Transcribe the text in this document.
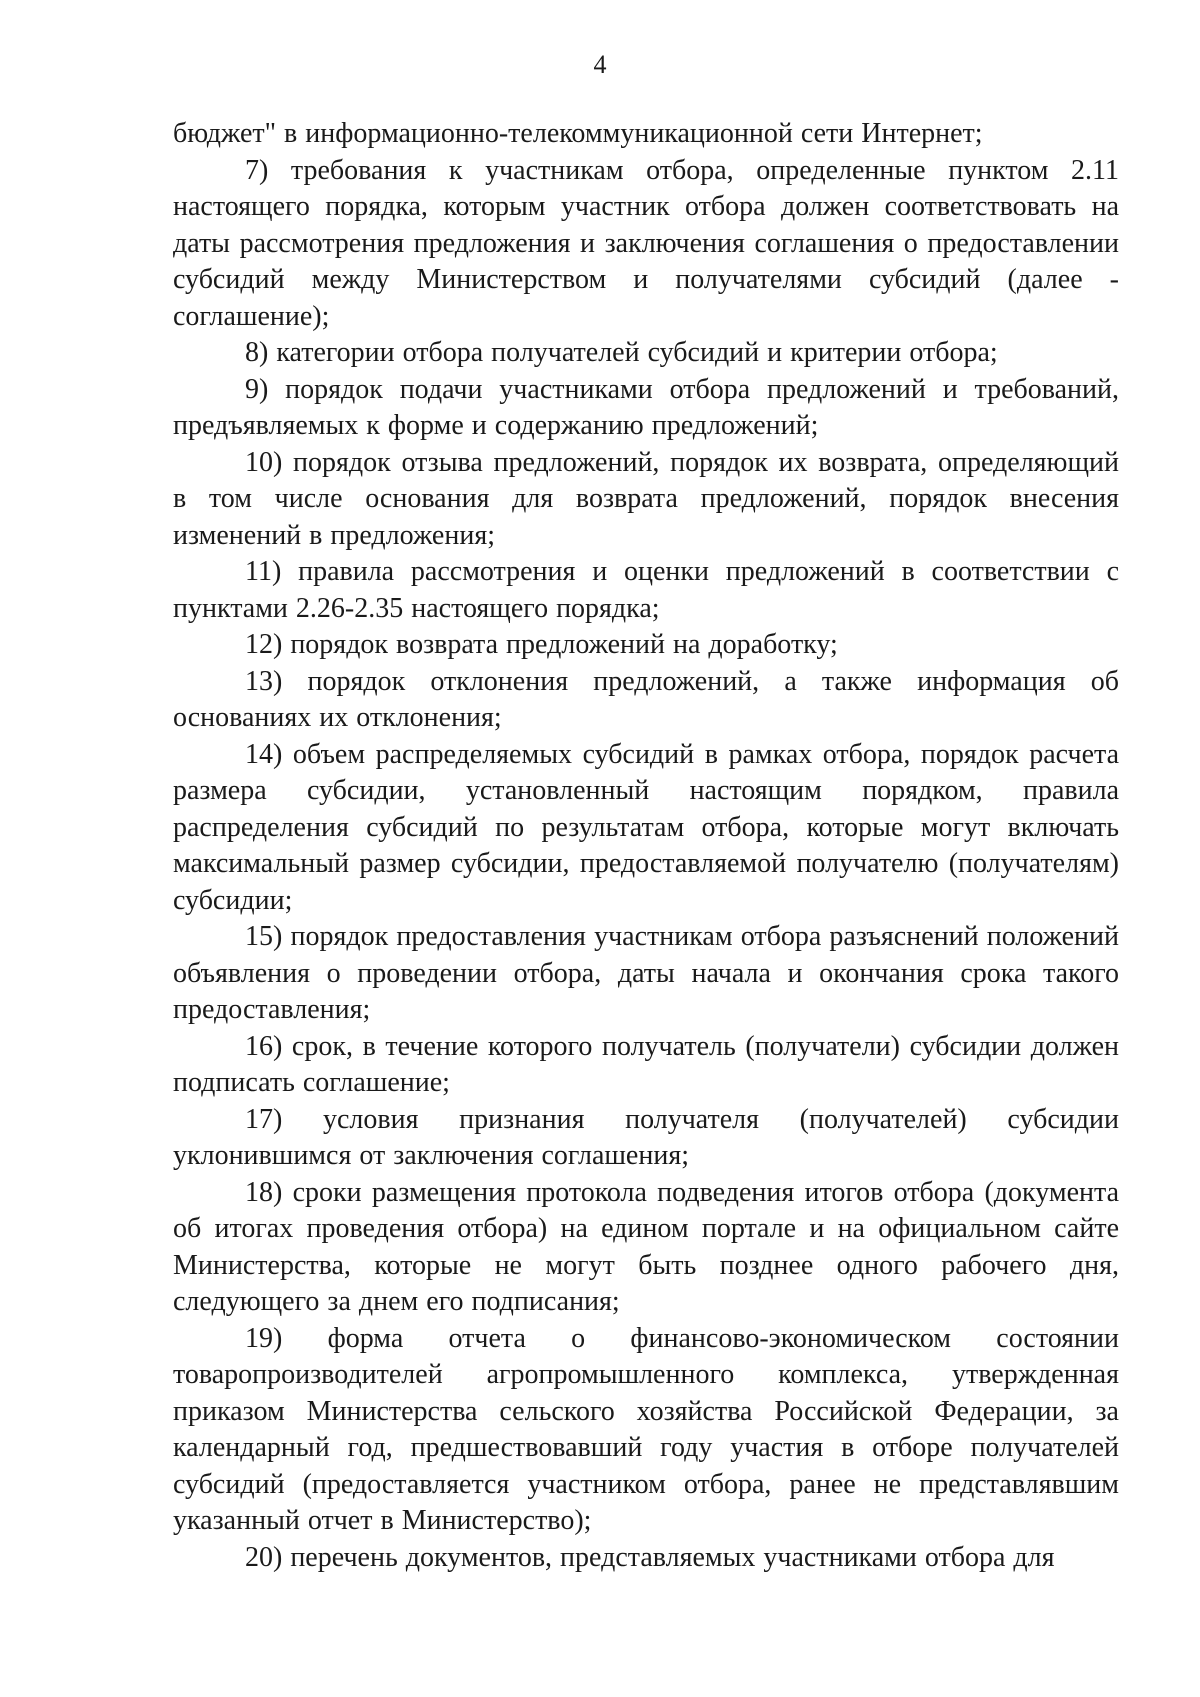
4

бюджет" в информационно-телекоммуникационной сети Интернет;

7) требования к участникам отбора, определенные пунктом 2.11 настоящего порядка, которым участник отбора должен соответствовать на даты рассмотрения предложения и заключения соглашения о предоставлении субсидий между Министерством и получателями субсидий (далее - соглашение);

8) категории отбора получателей субсидий и критерии отбора;

9) порядок подачи участниками отбора предложений и требований, предъявляемых к форме и содержанию предложений;

10) порядок отзыва предложений, порядок их возврата, определяющий в том числе основания для возврата предложений, порядок внесения изменений в предложения;

11) правила рассмотрения и оценки предложений в соответствии с пунктами 2.26-2.35 настоящего порядка;

12) порядок возврата предложений на доработку;

13) порядок отклонения предложений, а также информация об основаниях их отклонения;

14) объем распределяемых субсидий в рамках отбора, порядок расчета размера субсидии, установленный настоящим порядком, правила распределения субсидий по результатам отбора, которые могут включать максимальный размер субсидии, предоставляемой получателю (получателям) субсидии;

15) порядок предоставления участникам отбора разъяснений положений объявления о проведении отбора, даты начала и окончания срока такого предоставления;

16) срок, в течение которого получатель (получатели) субсидии должен подписать соглашение;

17) условия признания получателя (получателей) субсидии уклонившимся от заключения соглашения;

18) сроки размещения протокола подведения итогов отбора (документа об итогах проведения отбора) на едином портале и на официальном сайте Министерства, которые не могут быть позднее одного рабочего дня, следующего за днем его подписания;

19) форма отчета о финансово-экономическом состоянии товаропроизводителей агропромышленного комплекса, утвержденная приказом Министерства сельского хозяйства Российской Федерации, за календарный год, предшествовавший году участия в отборе получателей субсидий (предоставляется участником отбора, ранее не представлявшим указанный отчет в Министерство);

20) перечень документов, представляемых участниками отбора для
